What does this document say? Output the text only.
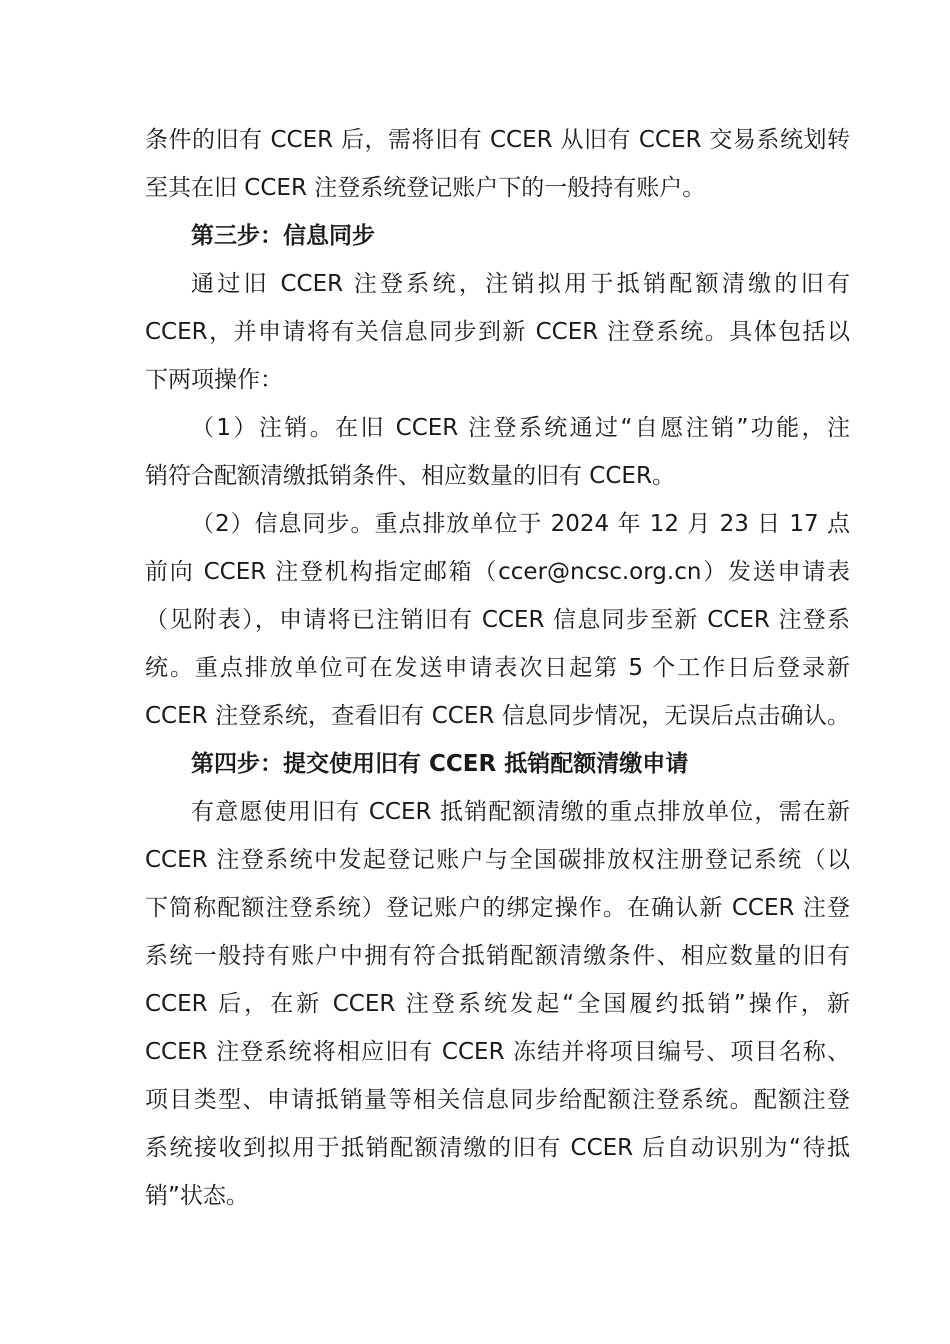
条件的旧有 CCER 后，需将旧有 CCER 从旧有 CCER 交易系统划转
至其在旧 CCER 注登系统登记账户下的一般持有账户。
第三步：信息同步
通过旧 CCER 注登系统，注销拟用于抵销配额清缴的旧有
CCER，并申请将有关信息同步到新 CCER 注登系统。具体包括以
下两项操作：
（1）注销。在旧 CCER 注登系统通过“自愿注销”功能，注
销符合配额清缴抵销条件、相应数量的旧有 CCER。
（2）信息同步。重点排放单位于 2024 年 12 月 23 日 17 点
前向 CCER 注登机构指定邮箱（ccer@ncsc.org.cn）发送申请表
（见附表），申请将已注销旧有 CCER 信息同步至新 CCER 注登系
统。重点排放单位可在发送申请表次日起第 5 个工作日后登录新
CCER 注登系统，查看旧有 CCER 信息同步情况，无误后点击确认。
第四步：提交使用旧有 CCER 抵销配额清缴申请
有意愿使用旧有 CCER 抵销配额清缴的重点排放单位，需在新
CCER 注登系统中发起登记账户与全国碳排放权注册登记系统（以
下简称配额注登系统）登记账户的绑定操作。在确认新 CCER 注登
系统一般持有账户中拥有符合抵销配额清缴条件、相应数量的旧有
CCER 后，在新 CCER 注登系统发起“全国履约抵销”操作，新
CCER 注登系统将相应旧有 CCER 冻结并将项目编号、项目名称、
项目类型、申请抵销量等相关信息同步给配额注登系统。配额注登
系统接收到拟用于抵销配额清缴的旧有 CCER 后自动识别为“待抵
销”状态。
